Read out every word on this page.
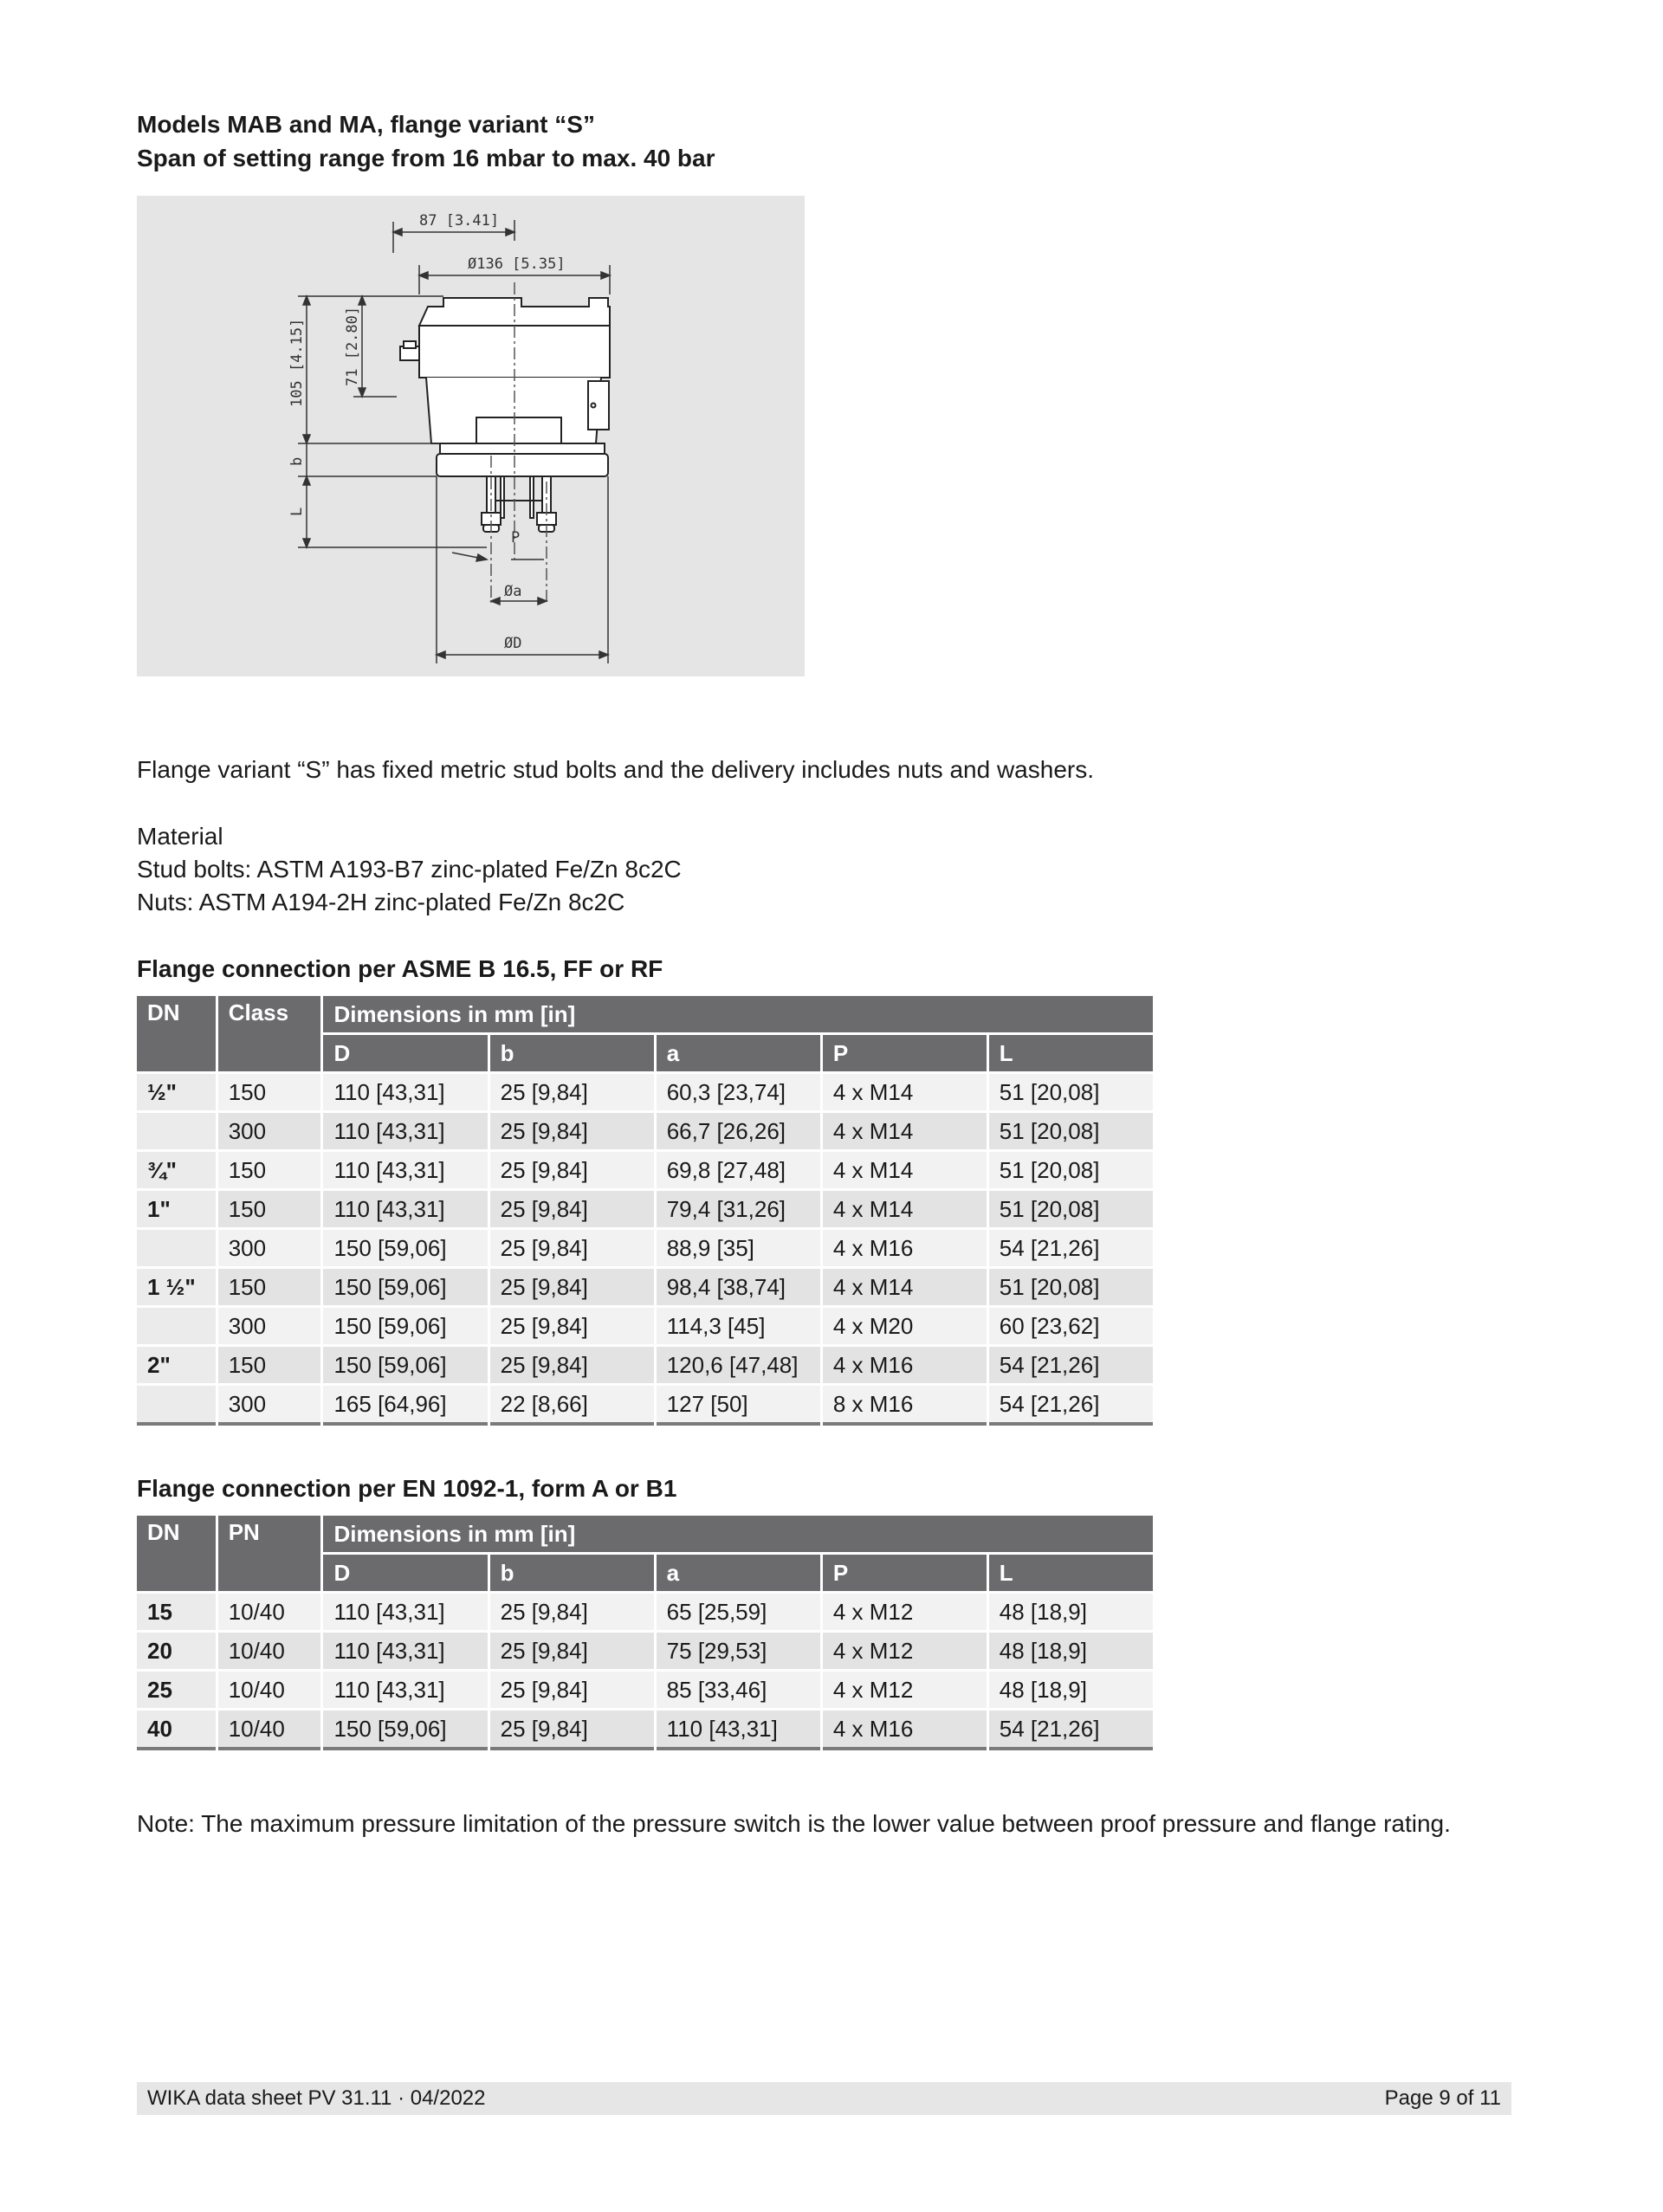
Models MAB and MA, flange variant “S”
Span of setting range from 16 mbar to max. 40 bar
87 [3.41]
Ø136 [5.35]
105 [4.15]	71 [2.80]
b
L
P
Øa
ØD

Flange variant “S” has fixed metric stud bolts and the delivery includes nuts and washers.

Material

Stud bolts: ASTM A193-B7 zinc-plated Fe/Zn 8c2C

Nuts: ASTM A194-2H zinc-plated Fe/Zn 8c2C

Flange connection per ASME B 16.5, FF or RF
DN	Class	Dimensions in mm [in]				
		D	b	a	P	L
½"	150	110 [43,31]	25 [9,84]	60,3 [23,74]	4 x M14	51 [20,08]
	300	110 [43,31]	25 [9,84]	66,7 [26,26]	4 x M14	51 [20,08]
¾"	150	110 [43,31]	25 [9,84]	69,8 [27,48]	4 x M14	51 [20,08]
1"	150	110 [43,31]	25 [9,84]	79,4 [31,26]	4 x M14	51 [20,08]
	300	150 [59,06]	25 [9,84]	88,9 [35]	4 x M16	54 [21,26]
1 ½"	150	150 [59,06]	25 [9,84]	98,4 [38,74]	4 x M14	51 [20,08]
	300	150 [59,06]	25 [9,84]	114,3 [45]	4 x M20	60 [23,62]
2"	150	150 [59,06]	25 [9,84]	120,6 [47,48]	4 x M16	54 [21,26]
	300	165 [64,96]	22 [8,66]	127 [50]	8 x M16	54 [21,26]
Flange connection per EN 1092-1, form A or B1
DN	PN	Dimensions in mm [in]				
		D	b	a	P	L
15	10/40	110 [43,31]	25 [9,84]	65 [25,59]	4 x M12	48 [18,9]
20	10/40	110 [43,31]	25 [9,84]	75 [29,53]	4 x M12	48 [18,9]
25	10/40	110 [43,31]	25 [9,84]	85 [33,46]	4 x M12	48 [18,9]
40	10/40	150 [59,06]	25 [9,84]	110 [43,31]	4 x M16	54 [21,26]

Note: The maximum pressure limitation of the pressure switch is the lower value between proof pressure and flange rating.

WIKA data sheet PV 31.11 · 04/2022	Page 9 of 11
